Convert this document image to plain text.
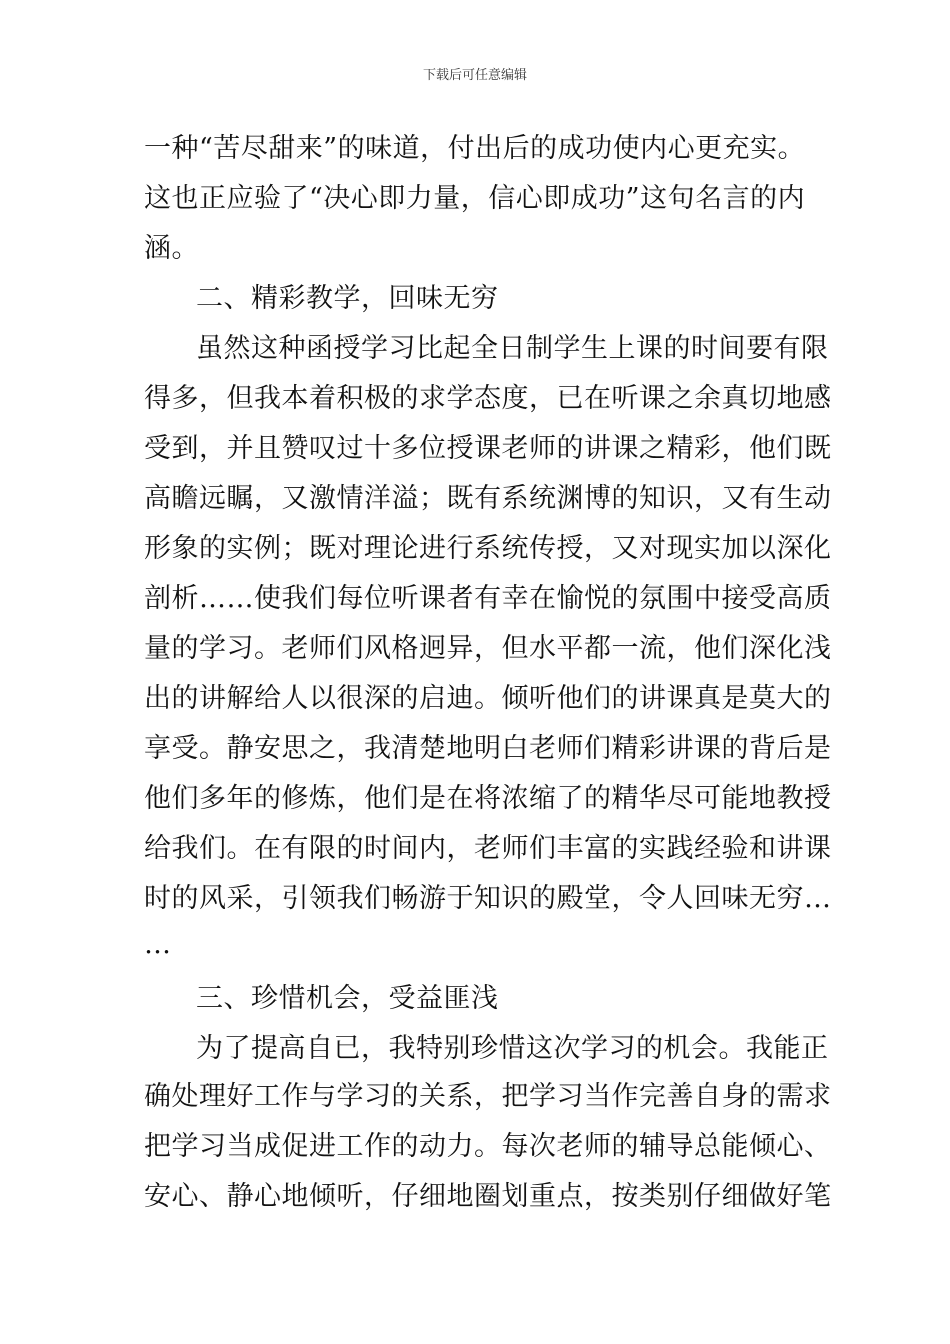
下载后可任意编辑
一种“苦尽甜来”的味道，付出后的成功使内心更充实。
这也正应验了“决心即力量，信心即成功”这句名言的内
涵。
二、精彩教学，回味无穷
虽然这种函授学习比起全日制学生上课的时间要有限
得多，但我本着积极的求学态度，已在听课之余真切地感
受到，并且赞叹过十多位授课老师的讲课之精彩，他们既
高瞻远瞩，又激情洋溢；既有系统渊博的知识，又有生动
形象的实例；既对理论进行系统传授，又对现实加以深化
剖析……使我们每位听课者有幸在愉悦的氛围中接受高质
量的学习。老师们风格迥异，但水平都一流，他们深化浅
出的讲解给人以很深的启迪。倾听他们的讲课真是莫大的
享受。静安思之，我清楚地明白老师们精彩讲课的背后是
他们多年的修炼，他们是在将浓缩了的精华尽可能地教授
给我们。在有限的时间内，老师们丰富的实践经验和讲课
时的风采，引领我们畅游于知识的殿堂，令人回味无穷…
…
三、珍惜机会，受益匪浅
为了提高自已，我特别珍惜这次学习的机会。我能正
确处理好工作与学习的关系，把学习当作完善自身的需求
把学习当成促进工作的动力。每次老师的辅导总能倾心、
安心、静心地倾听，仔细地圈划重点，按类别仔细做好笔
